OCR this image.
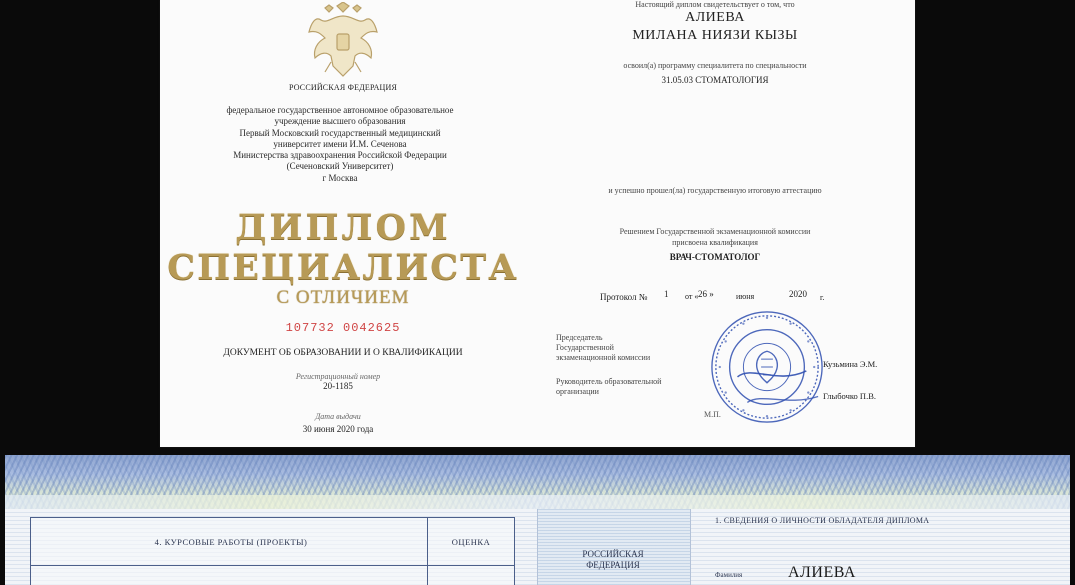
РОССИЙСКАЯ ФЕДЕРАЦИЯ
федеральное государственное автономное образовательное
учреждение высшего образования
Первый Московский государственный медицинский
университет имени И.М. Сеченова
Министерства здравоохранения Российской Федерации
(Сеченовский Университет)
г Москва
ДИПЛОМ
СПЕЦИАЛИСТА
С ОТЛИЧИЕМ
107732 0042625
ДОКУМЕНТ ОБ ОБРАЗОВАНИИ И О КВАЛИФИКАЦИИ
Регистрационный номер
20-1185
Дата выдачи
30 июня 2020 года
Настоящий диплом свидетельствует о том, что
АЛИЕВА
МИЛАНА НИЯЗИ КЫЗЫ
освоил(а) программу специалитета по специальности
31.05.03 СТОМАТОЛОГИЯ
и успешно прошел(ла) государственную итоговую аттестацию
Решением Государственной экзаменационной комиссии
присвоена квалификация
ВРАЧ-СТОМАТОЛОГ
Протокол № 1 от « 26 »	июня	2020 г.
Председатель
Государственной
экзаменационной комиссии
Руководитель образовательной
организации
Кузьмина Э.М.
Глыбочко П.В.
М.П.
4. КУРСОВЫЕ РАБОТЫ (ПРОЕКТЫ)	ОЦЕНКА
РОССИЙСКАЯ
ФЕДЕРАЦИЯ
1. СВЕДЕНИЯ О ЛИЧНОСТИ ОБЛАДАТЕЛЯ ДИПЛОМА
Фамилия	АЛИЕВА
